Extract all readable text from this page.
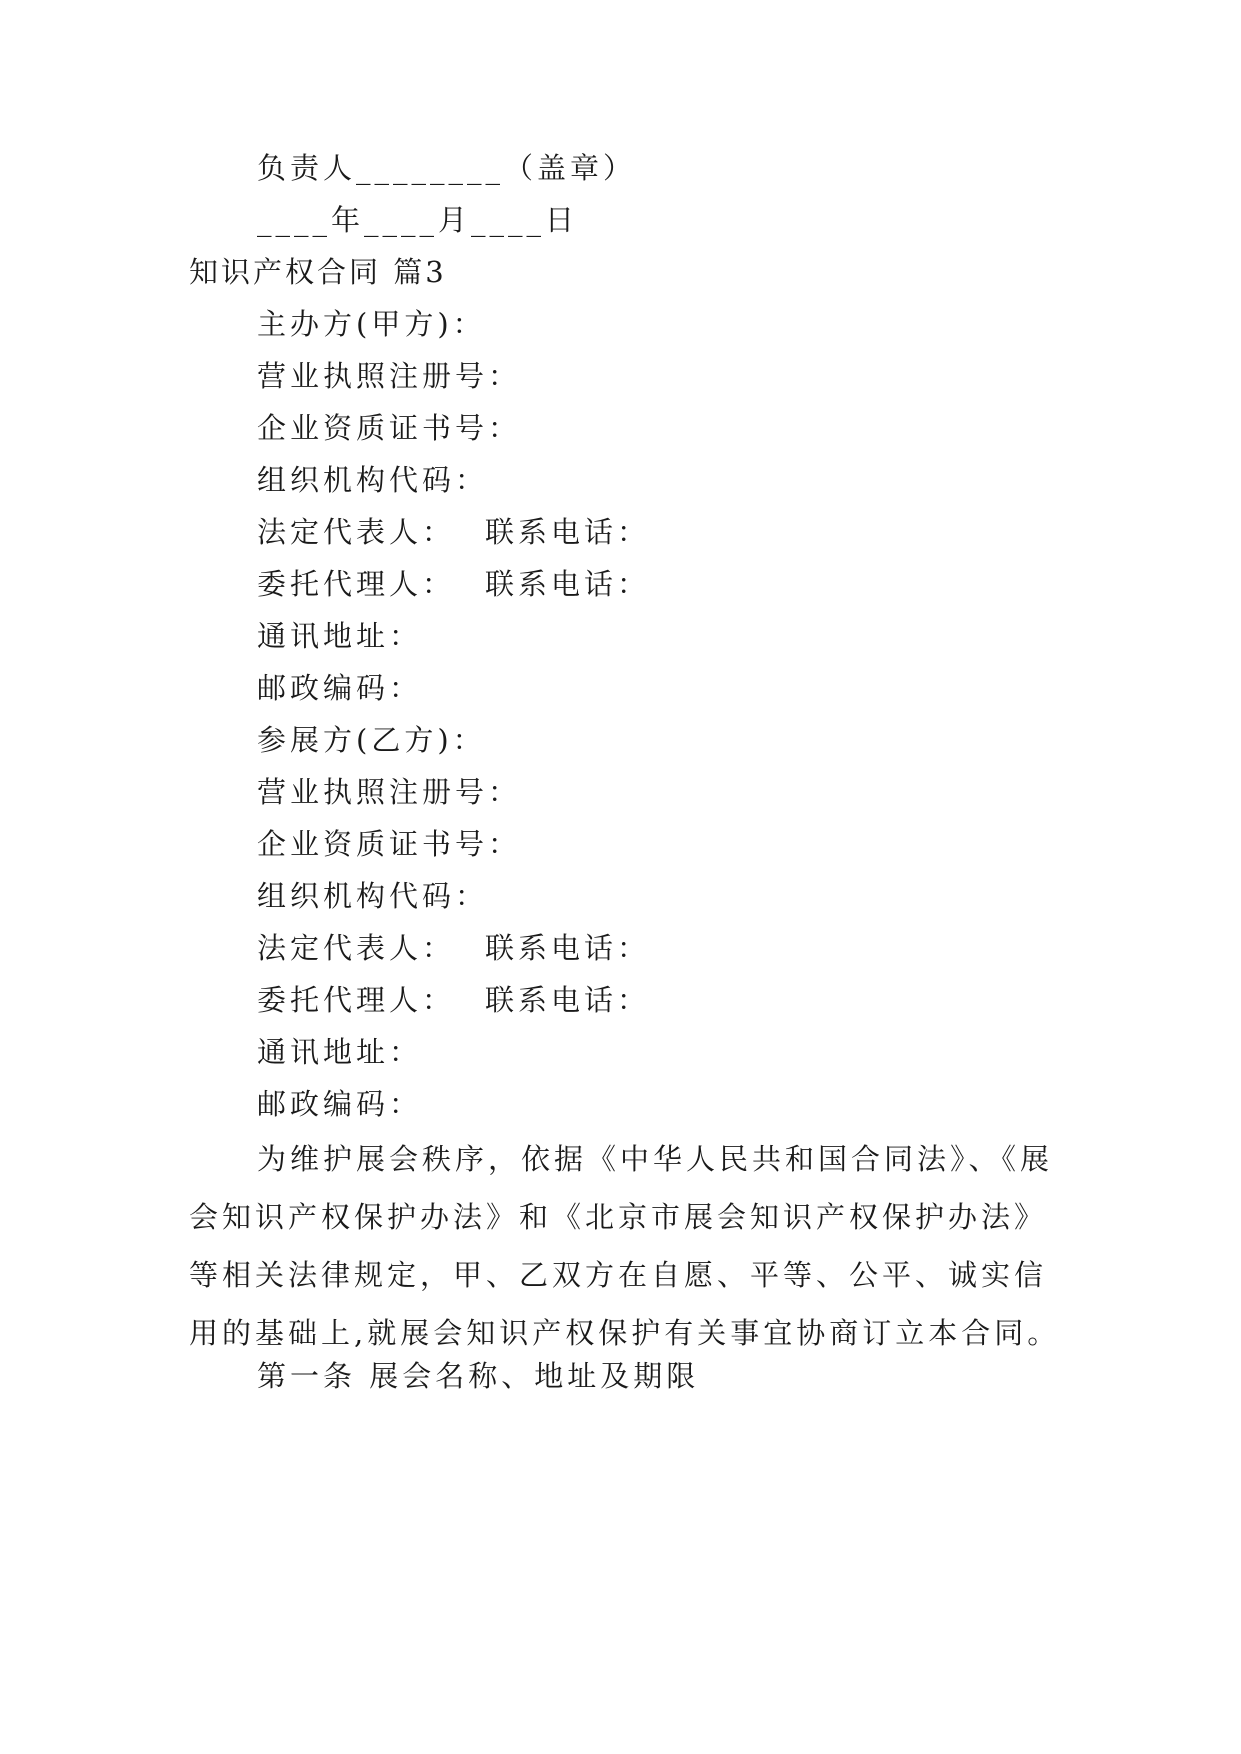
负责人________（盖章）
____年____月____日
知识产权合同 篇3
主办方(甲方)：
营业执照注册号：
企业资质证书号：
组织机构代码：
法定代表人： 联系电话：
委托代理人： 联系电话：
通讯地址：
邮政编码：
参展方(乙方)：
营业执照注册号：
企业资质证书号：
组织机构代码：
法定代表人： 联系电话：
委托代理人： 联系电话：
通讯地址：
邮政编码：
为维护展会秩序，依据《中华人民共和国合同法》、《展
会知识产权保护办法》和《北京市展会知识产权保护办法》
等相关法律规定，甲、乙双方在自愿、平等、公平、诚实信
用的基础上,就展会知识产权保护有关事宜协商订立本合同。
第一条 展会名称、地址及期限
